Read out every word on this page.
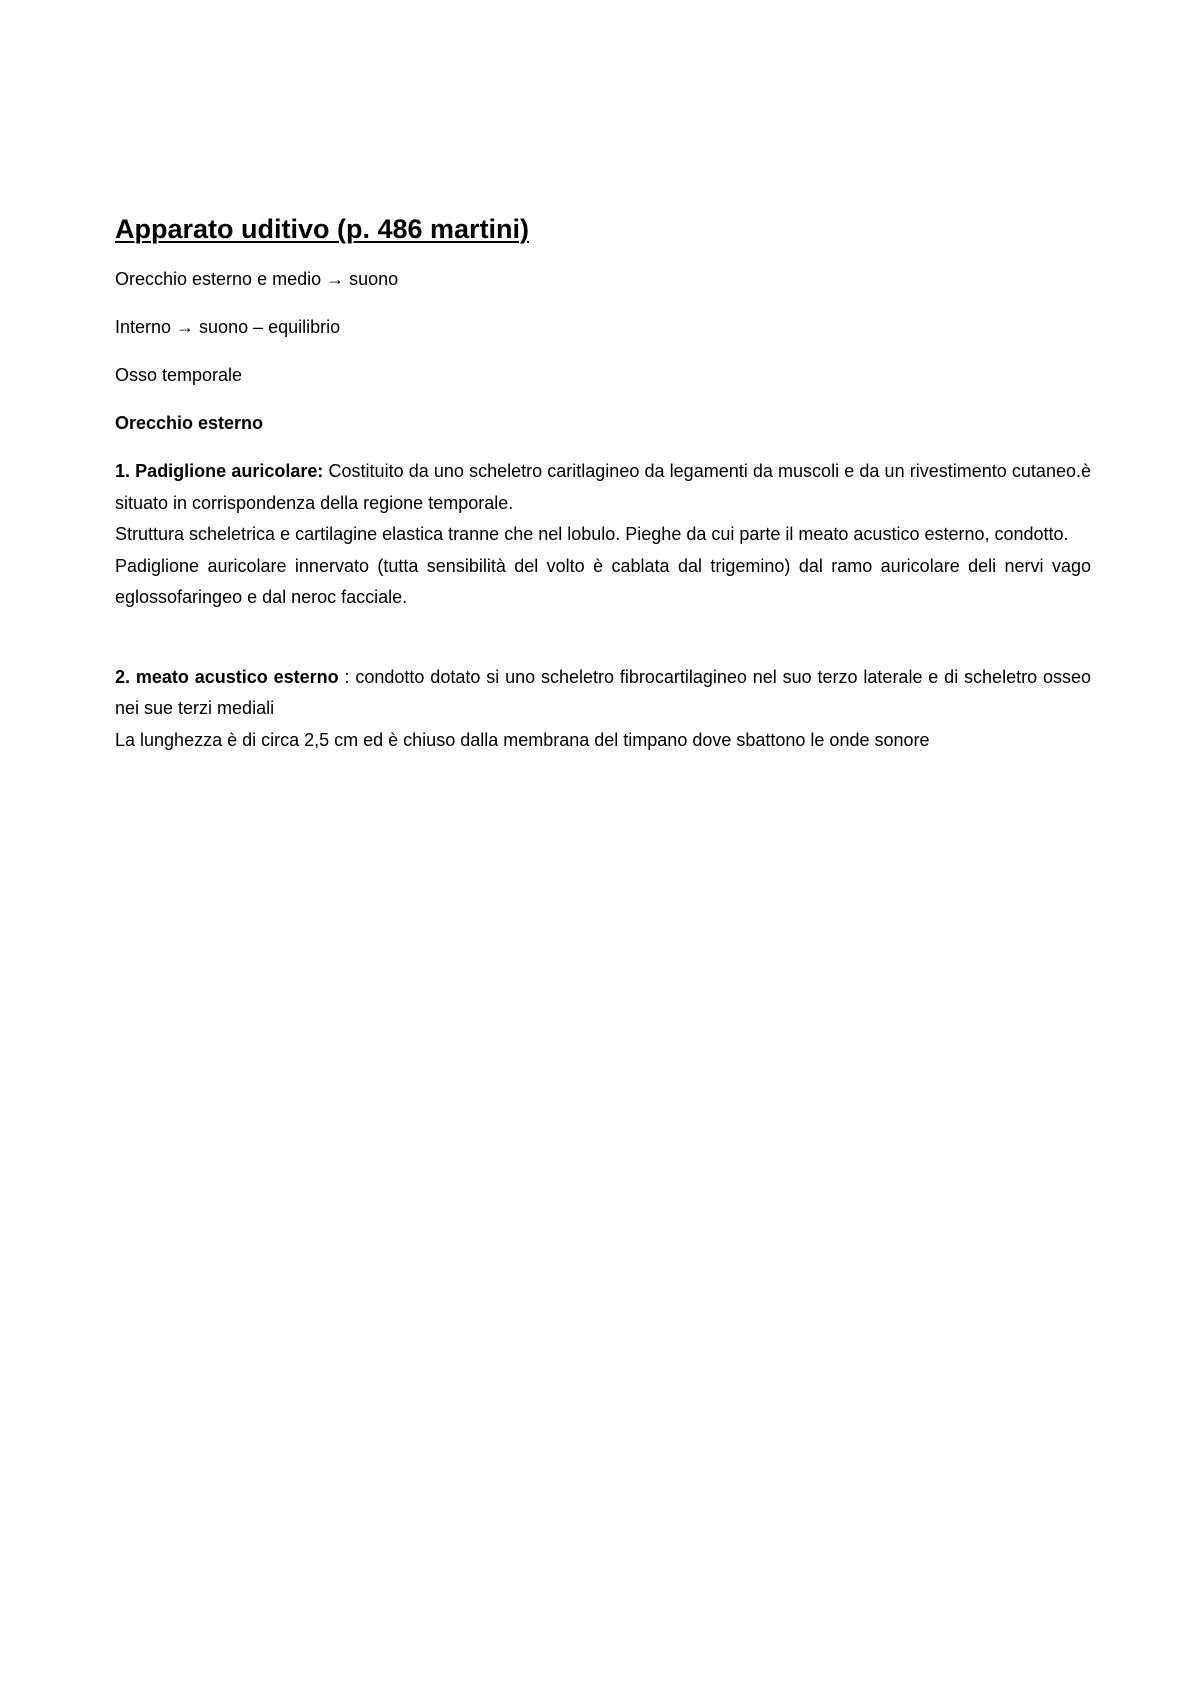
Apparato uditivo (p. 486 martini)

Orecchio esterno e medio → suono

Interno → suono – equilibrio

Osso temporale

Orecchio esterno

1. Padiglione auricolare: Costituito da uno scheletro caritlagineo da legamenti da muscoli e da un rivestimento cutaneo.è situato in corrispondenza della regione temporale.

Struttura scheletrica e cartilagine elastica tranne che nel lobulo. Pieghe da cui parte il meato acustico esterno, condotto.

Padiglione auricolare innervato (tutta sensibilità del volto è cablata dal trigemino) dal ramo auricolare deli nervi vago eglossofaringeo e dal neroc facciale.

2. meato acustico esterno : condotto dotato si uno scheletro fibrocartilagineo nel suo terzo laterale e di scheletro osseo nei sue terzi mediali

La lunghezza è di circa 2,5 cm ed è chiuso dalla membrana del timpano dove sbattono le onde sonore
